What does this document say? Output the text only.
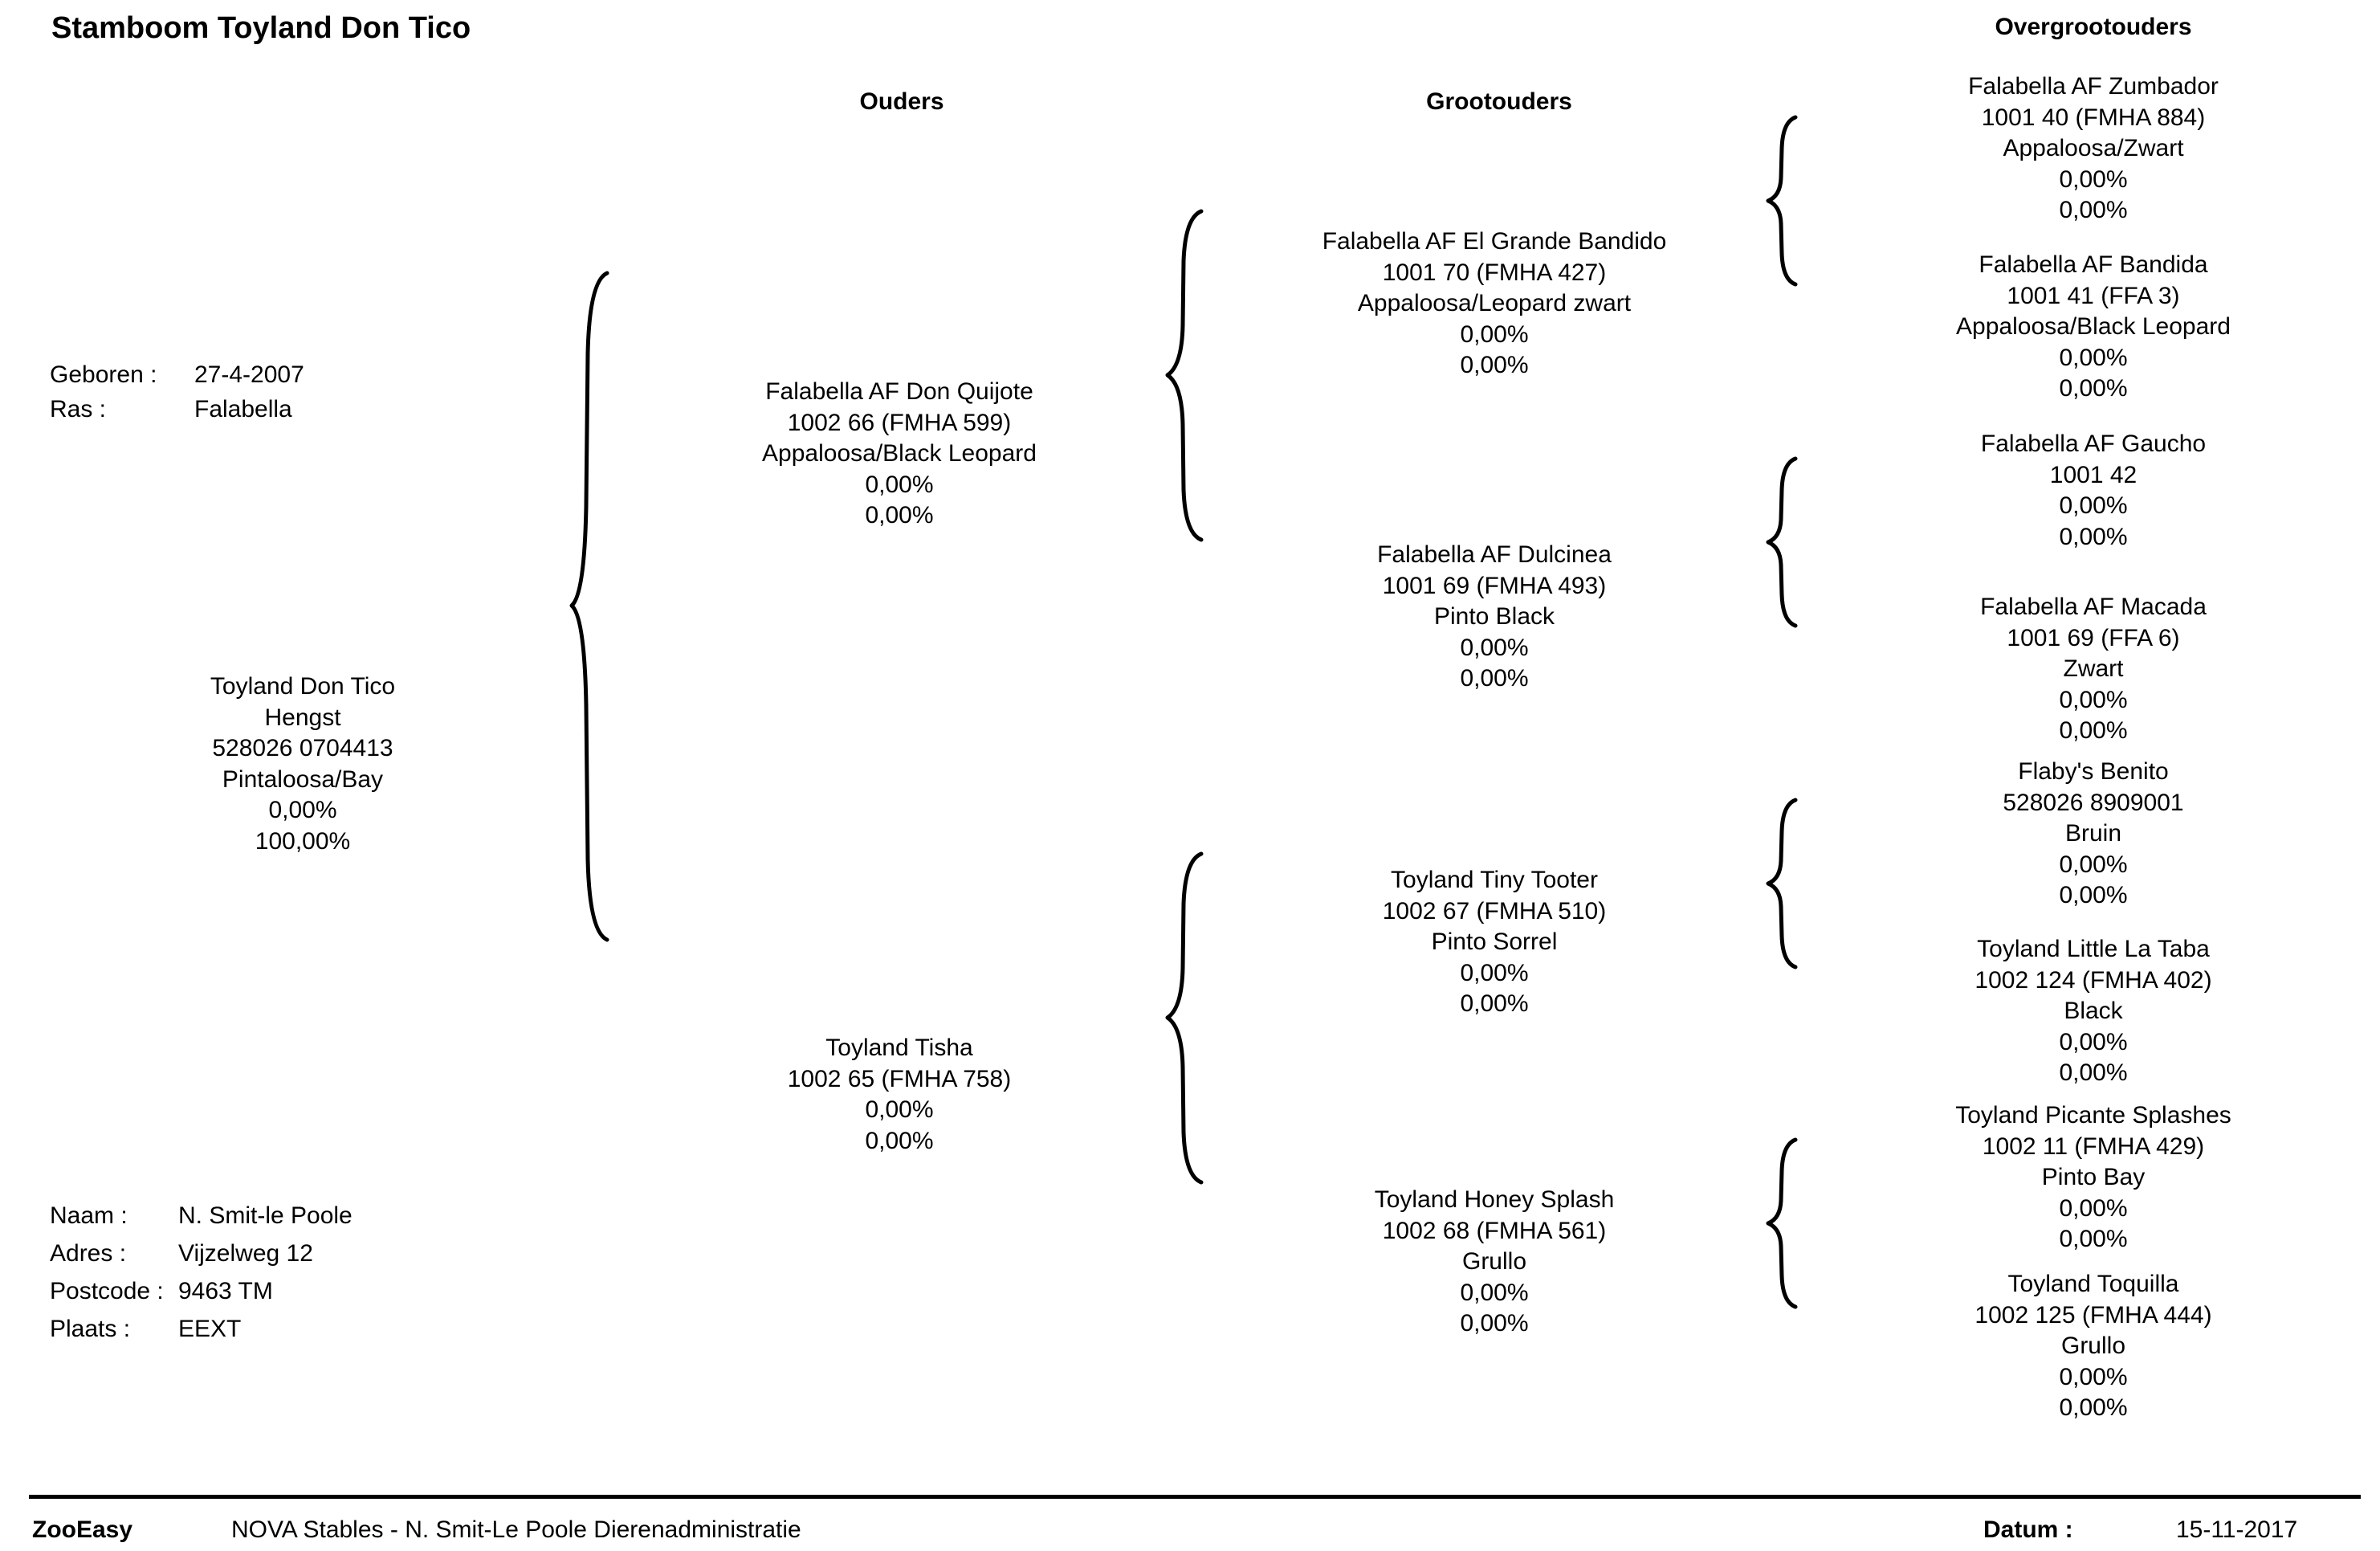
Stamboom Toyland Don Tico
Ouders	Grootouders
Overgrootouders
Geboren : 27-4-2007
Ras :	Falabella
Toyland Don Tico
Hengst
528026 0704413
Pintaloosa/Bay
0,00%
100,00%
Falabella AF Don Quijote
1002 66 (FMHA 599)
Appaloosa/Black Leopard
0,00%
0,00%
Toyland Tisha
1002 65 (FMHA 758)
0,00%
0,00%
Falabella AF El Grande Bandido
1001 70 (FMHA 427)
Appaloosa/Leopard zwart
0,00%
0,00%
Falabella AF Dulcinea
1001 69 (FMHA 493)
Pinto Black
0,00%
0,00%
Toyland Tiny Tooter
1002 67 (FMHA 510)
Pinto Sorrel
0,00%
0,00%
Toyland Honey Splash
1002 68 (FMHA 561)
Grullo
0,00%
0,00%
Falabella AF Zumbador
1001 40 (FMHA 884)
Appaloosa/Zwart
0,00%
0,00%
Falabella AF Bandida
1001 41 (FFA 3)
Appaloosa/Black Leopard
0,00%
0,00%
Falabella AF Gaucho
1001 42
0,00%
0,00%
Falabella AF Macada
1001 69 (FFA 6)
Zwart
0,00%
0,00%
Flaby's Benito
528026 8909001
Bruin
0,00%
0,00%
Toyland Little La Taba
1002 124 (FMHA 402)
Black
0,00%
0,00%
Toyland Picante Splashes
1002 11 (FMHA 429)
Pinto Bay
0,00%
0,00%
Toyland Toquilla
1002 125 (FMHA 444)
Grullo
0,00%
0,00%
Naam : N. Smit-le Poole
Adres : Vijzelweg 12
Postcode : 9463 TM
Plaats : EEXT
ZooEasy	NOVA Stables - N. Smit-Le Poole Dierenadministratie	Datum :	15-11-2017
